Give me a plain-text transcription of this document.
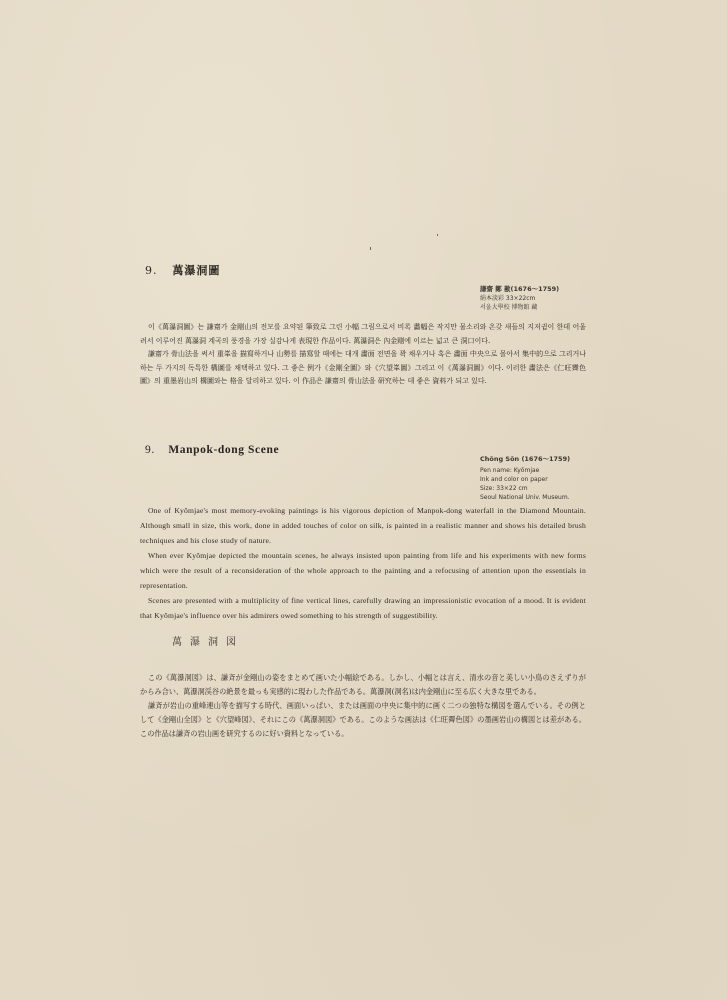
9. 萬瀑洞圖
謙齋 鄭 敾(1676～1759)
絹本淡彩 33×22cm
서울大學校 博物館 藏

이《萬瀑洞圖》는 謙齋가 金剛山의 전모를 요약된 筆致로 그린 小幅 그림으로서 비록 畵幅은 작지만 물소리와 온갖 새들의 지저귐이 한데 어울려서 이루어진 萬瀑洞 계곡의 풍경을 가장 실감나게 表現한 作品이다. 萬瀑洞은 內金剛에 이르는 넓고 큰 洞口이다.

謙齋가 骨山法을 써서 重峯을 描寫하거나 山勢를 描寫할 때에는 대개 畵面 전면을 꽉 채우거나 혹은 畵面 中央으로 몰아서 集中的으로 그리거나 하는 두 가지의 독특한 構圖를 채택하고 있다. 그 좋은 例가《金剛全圖》와《穴望峯圖》그리고 이《萬瀑洞圖》이다. 이러한 畵法은《仁旺霽色圖》의 重墨岩山의 構圖와는 格을 달리하고 있다. 이 作品은 謙齋의 骨山法을 研究하는 데 좋은 資料가 되고 있다.

9. Manpok-dong Scene
Chŏng Sŏn (1676～1759)
Pen name: Kyŏmjae
Ink and color on paper
Size: 33×22 cm
Seoul National Univ. Museum.

One of Kyŏmjae's most memory-evoking paintings is his vigorous depiction of Manpok-dong waterfall in the Diamond Mountain. Although small in size, this work, done in added touches of color on silk, is painted in a realistic manner and shows his detailed brush techniques and his close study of nature.

When ever Kyŏmjae depicted the mountain scenes, he always insisted upon painting from life and his experiments with new forms which were the result of a reconsideration of the whole approach to the painting and a refocusing of attention upon the essentials in representation.

Scenes are presented with a multiplicity of fine vertical lines, carefully drawing an impressionistic evocation of a mood. It is evident that Kyŏmjae's influence over his admirers owed something to his strength of suggestibility.

萬瀑洞図

この《萬瀑洞図》は、謙斉が金剛山の姿をまとめて画いた小幅絵である。しかし、小幅とは言え、清水の音と美しい小鳥のさえずりがからみ合い、萬瀑洞渓谷の絶景を最っも実感的に現わした作品である。萬瀑洞(洞名)は内金剛山に至る広く大きな里である。

謙斉が岩山の重峰連山等を描写する時代、画面いっぱい、または画面の中央に集中的に画く二つの独特な構図を選んでいる。その例として《金剛山全図》と《穴望峰図》、それにこの《萬瀑洞図》である。このような画法は《仁旺霽色図》の墨画岩山の構図とは差がある。この作品は謙斉の岩山画を研究するのに好い資料となっている。
